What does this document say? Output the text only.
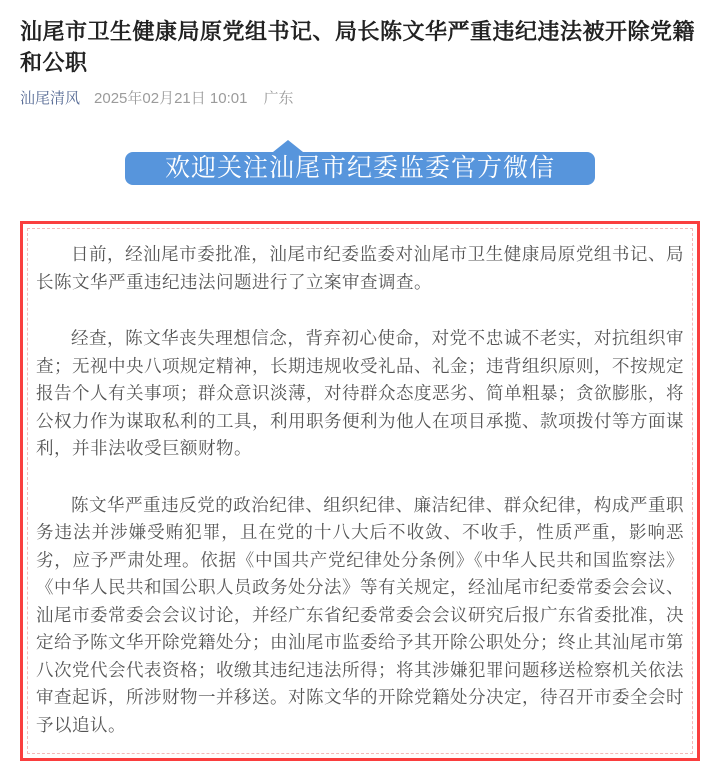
汕尾市卫生健康局原党组书记、局长陈文华严重违纪违法被开除党籍和公职
汕尾清风 2025年02月21日 10:01 广东
欢迎关注汕尾市纪委监委官方微信

日前，经汕尾市委批准，汕尾市纪委监委对汕尾市卫生健康局原党组书记、局长陈文华严重违纪违法问题进行了立案审查调查。

经查，陈文华丧失理想信念，背弃初心使命，对党不忠诚不老实，对抗组织审查；无视中央八项规定精神，长期违规收受礼品、礼金；违背组织原则，不按规定报告个人有关事项；群众意识淡薄，对待群众态度恶劣、简单粗暴；贪欲膨胀，将公权力作为谋取私利的工具，利用职务便利为他人在项目承揽、款项拨付等方面谋利，并非法收受巨额财物。

陈文华严重违反党的政治纪律、组织纪律、廉洁纪律、群众纪律，构成严重职务违法并涉嫌受贿犯罪，且在党的十八大后不收敛、不收手，性质严重，影响恶劣，应予严肃处理。依据《中国共产党纪律处分条例》《中华人民共和国监察法》《中华人民共和国公职人员政务处分法》等有关规定，经汕尾市纪委常委会会议、汕尾市委常委会会议讨论，并经广东省纪委常委会会议研究后报广东省委批准，决定给予陈文华开除党籍处分；由汕尾市监委给予其开除公职处分；终止其汕尾市第八次党代会代表资格；收缴其违纪违法所得；将其涉嫌犯罪问题移送检察机关依法审查起诉，所涉财物一并移送。对陈文华的开除党籍处分决定，待召开市委全会时予以追认。
